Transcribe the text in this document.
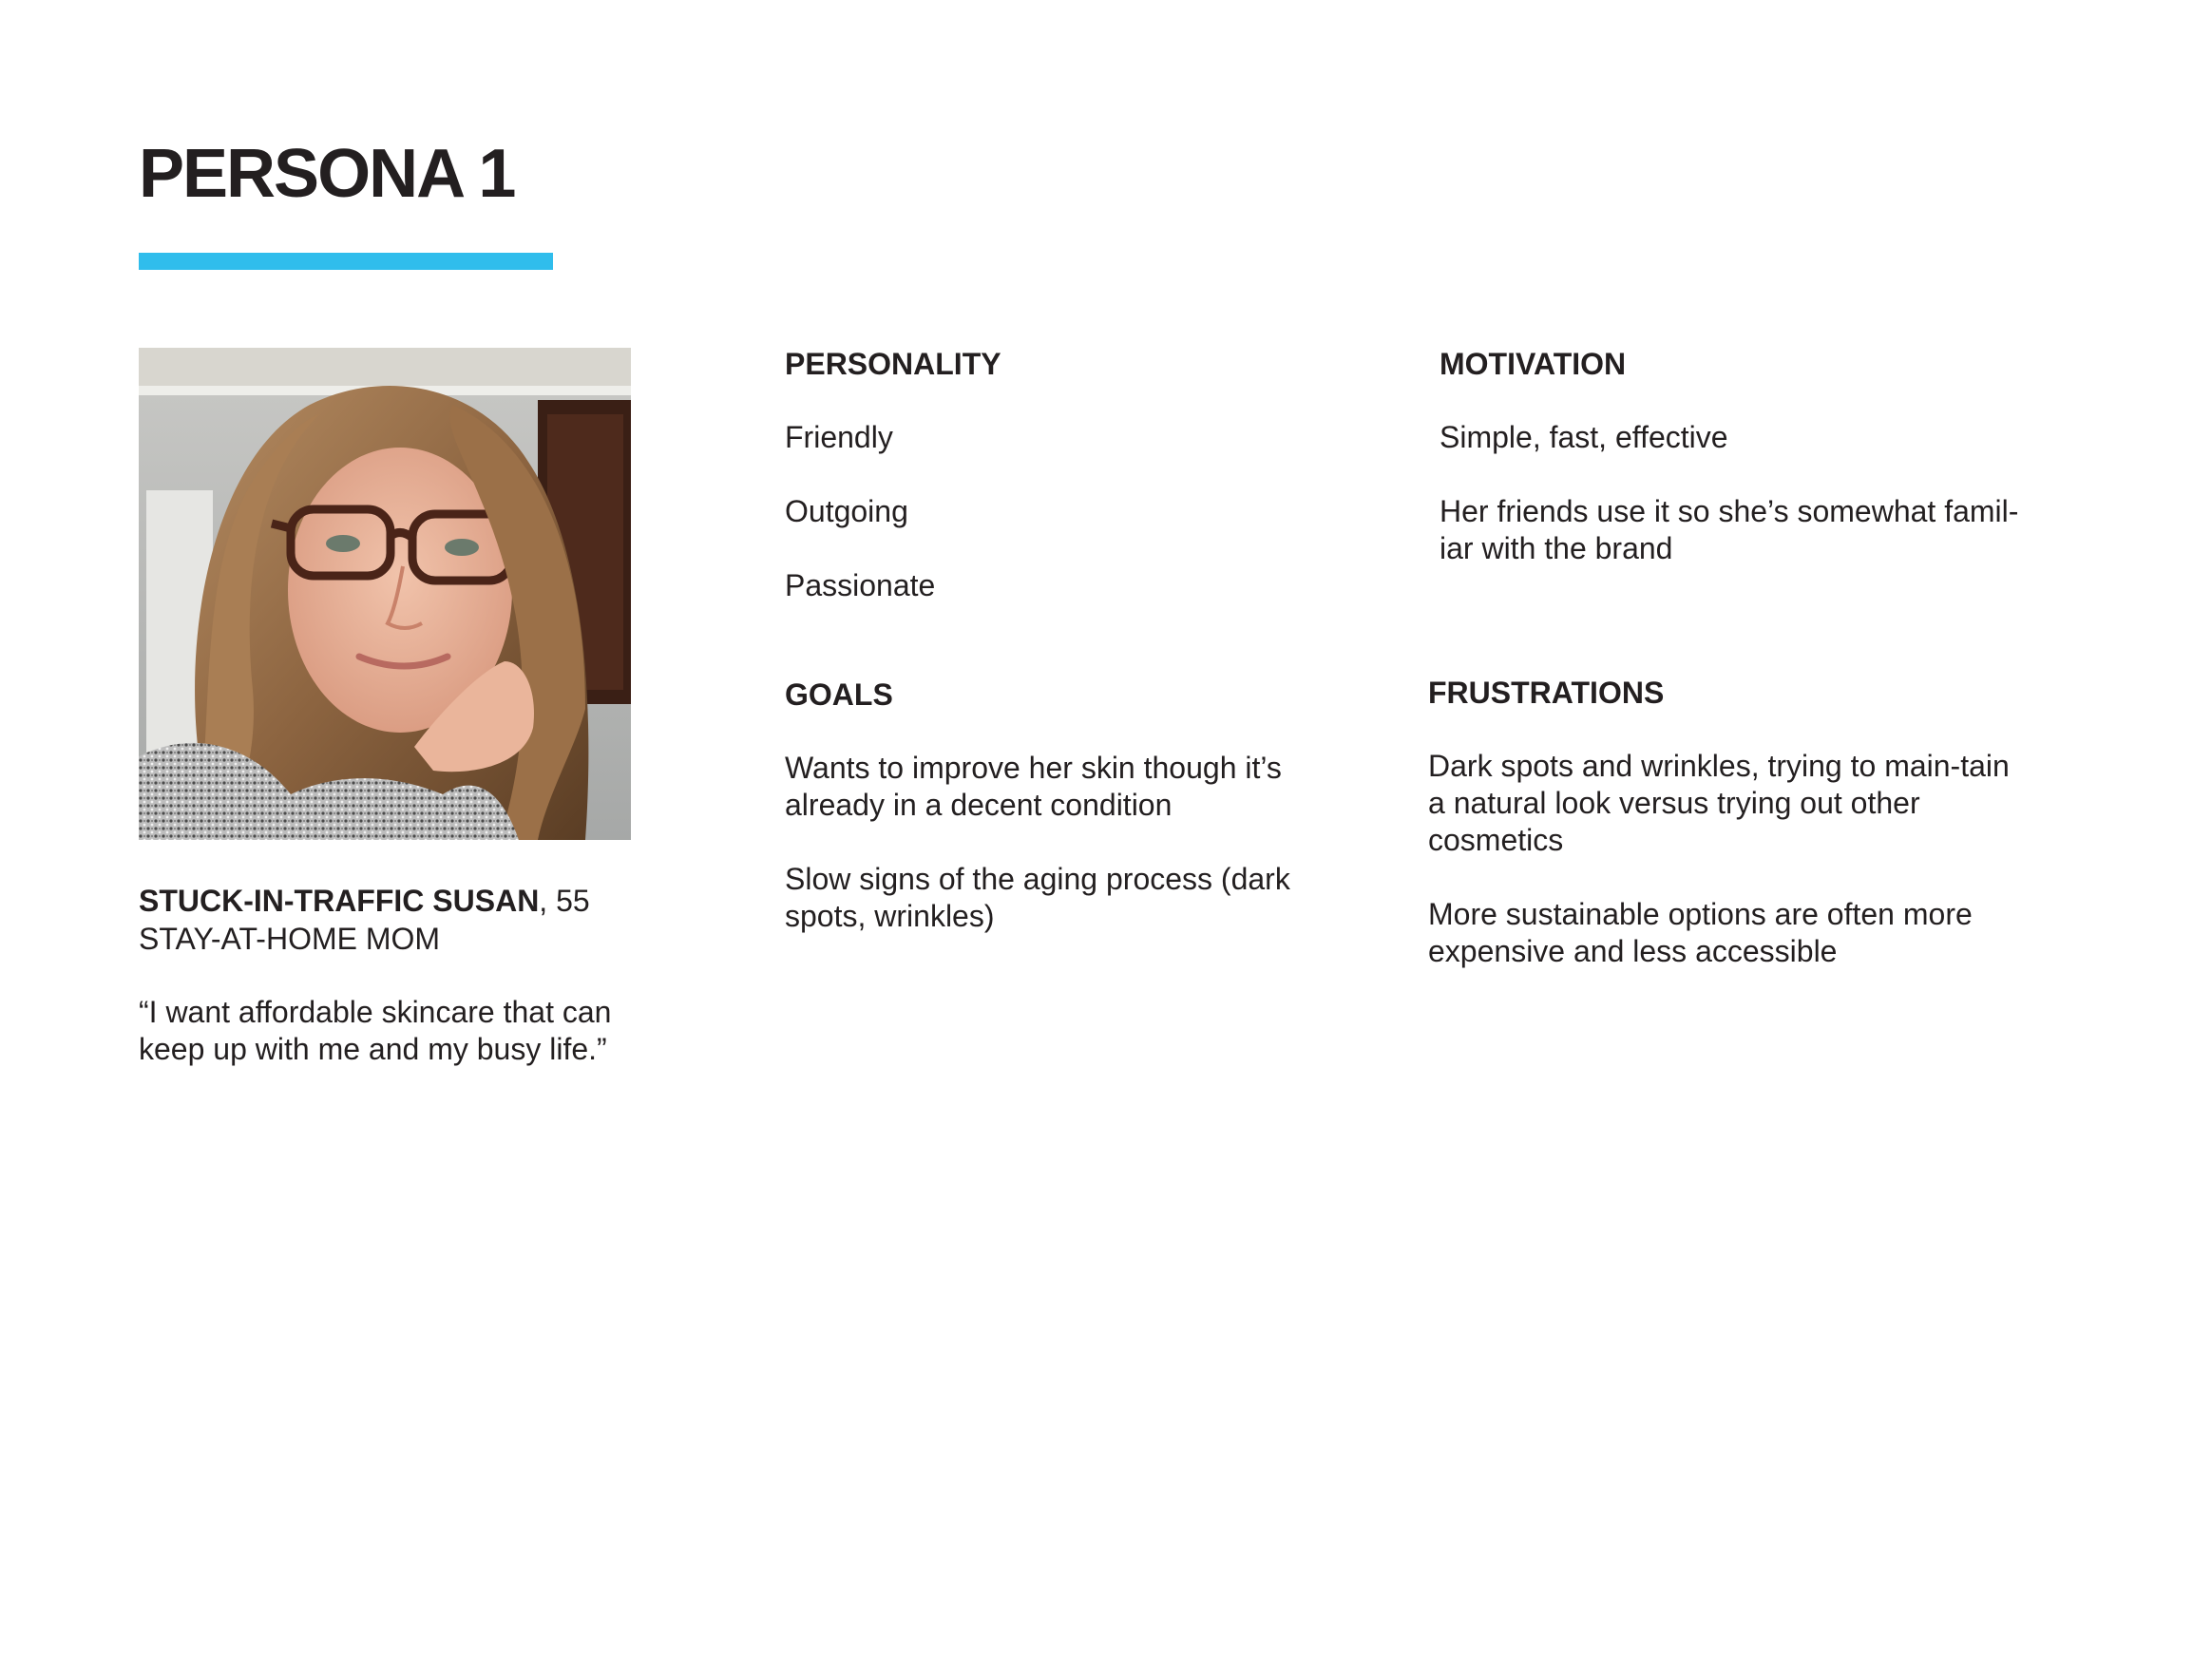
PERSONA 1
STUCK-IN-TRAFFIC SUSAN, 55
STAY-AT-HOME MOM
“I want affordable skincare that can keep up with me and my busy life.”
PERSONALITY
Friendly
Outgoing
Passionate
MOTIVATION
Simple, fast, effective
Her friends use it so she’s somewhat famil-iar with the brand
GOALS
Wants to improve her skin though it’s already in a decent condition
Slow signs of the aging process (dark spots, wrinkles)
FRUSTRATIONS
Dark spots and wrinkles, trying to main-tain a natural look versus trying out other cosmetics
More sustainable options are often more expensive and less accessible
